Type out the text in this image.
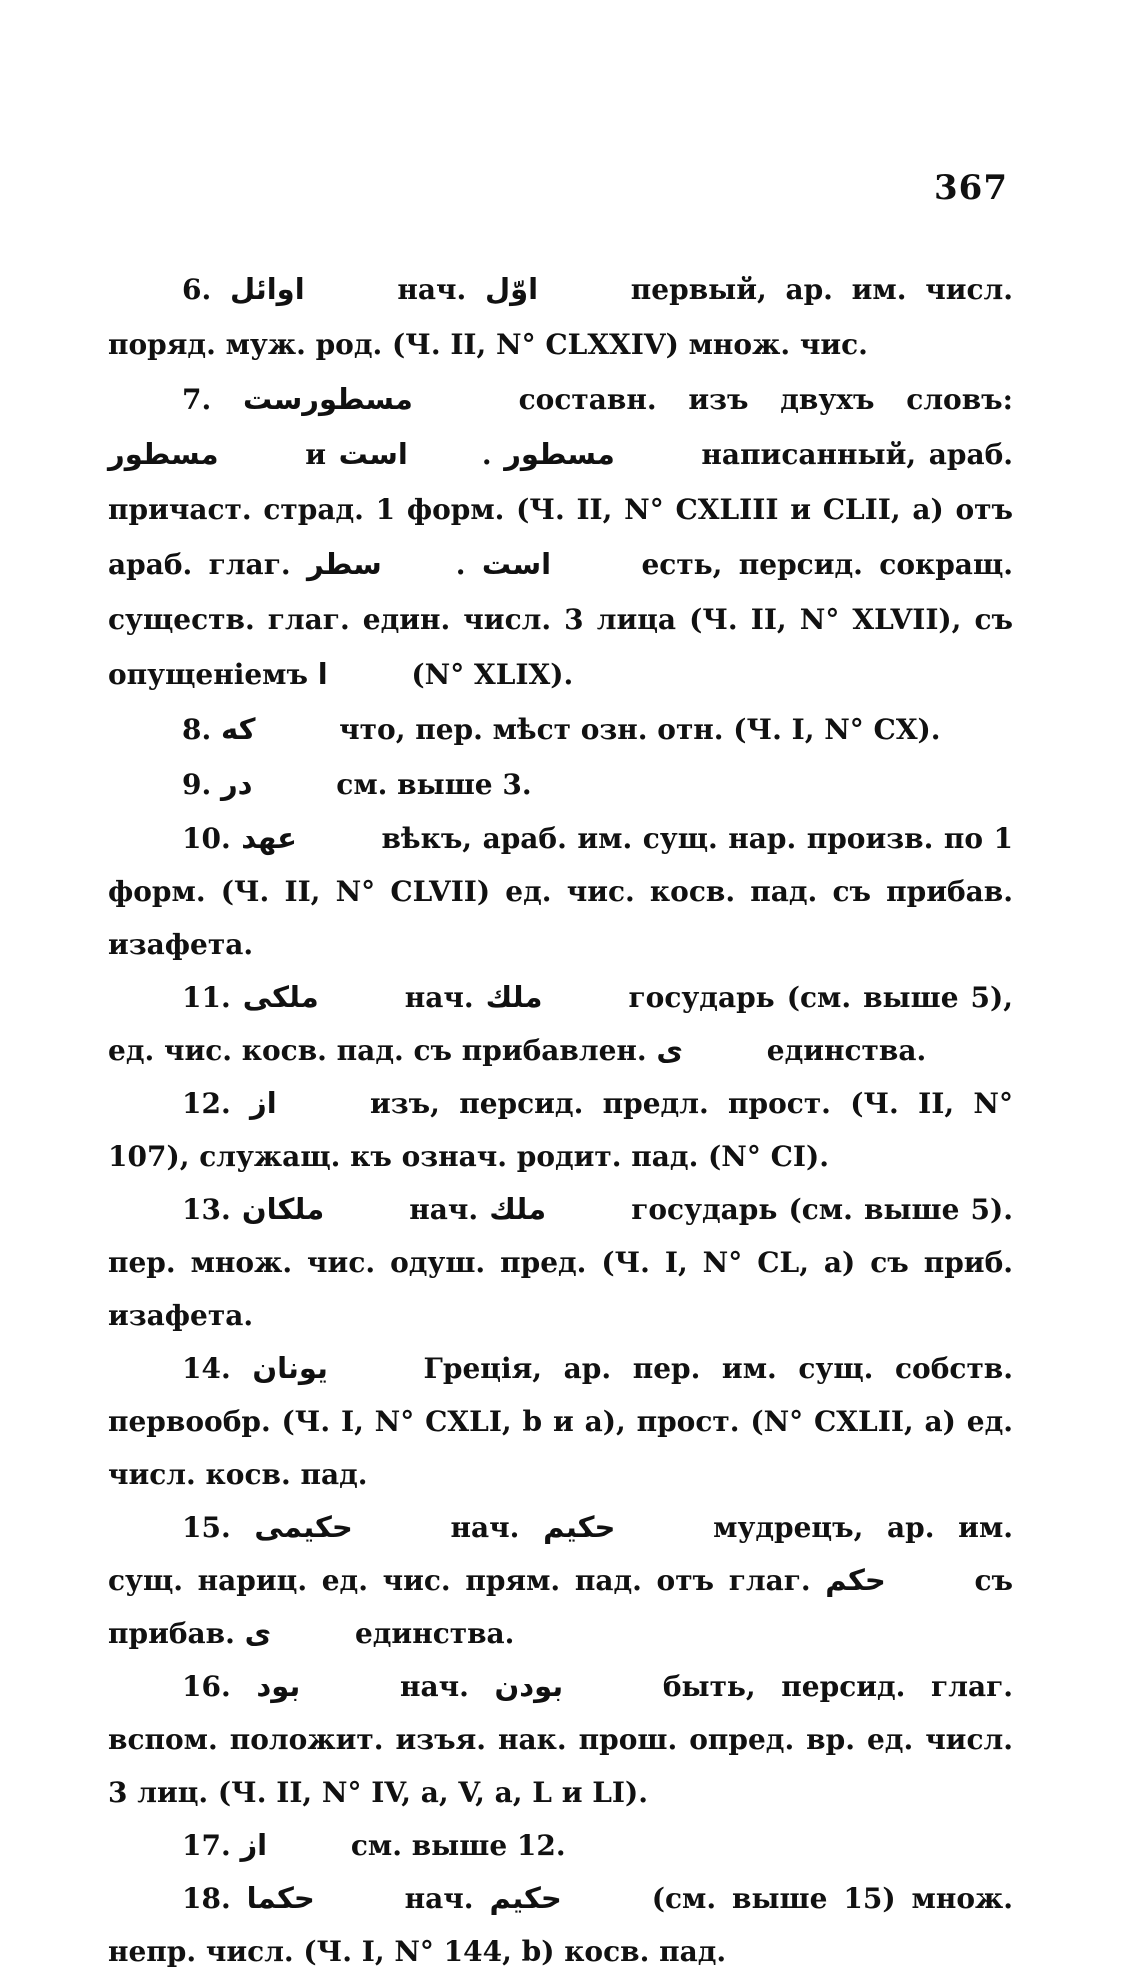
367

6. اوائل	нач. اوّل	первый, ар. им. числ. поряд. муж. род. (Ч. II, N° CLXXIV) множ. чис.

7. مسطورست	составн. изъ двухъ словъ: مسطور	и است	. مسطور	написанный, араб. причаст. страд. 1 форм. (Ч. II, N° CXLIII и CLII, a) отъ араб. глаг. سطر	. است	есть, персид. сокращ. существ. глаг. един. числ. 3 лица (Ч. II, N° XLVII), съ опущеніемъ ا	(N° XLIX).

8. كه	что, пер. мѣст озн. отн. (Ч. I, N° CX).

9. در	см. выше 3.

10. عهد	вѣкъ, араб. им. сущ. нар. произв. по 1 форм. (Ч. II, N° CLVII) ед. чис. косв. пад. съ прибав. изафета.

11. ملكى	нач. ملك	государь (см. выше 5), ед. чис. косв. пад. съ прибавлен. ى	единства.

12. از	изъ, персид. предл. прост. (Ч. II, N° 107), служащ. къ означ. родит. пад. (N° CI).

13. ملكان	нач. ملك	государь (см. выше 5). пер. множ. чис. одуш. пред. (Ч. I, N° CL, a) съ приб. изафета.

14. يونان	Греція, ар. пер. им. сущ. собств. первообр. (Ч. I, N° CXLI, b и a), прост. (N° CXLII, a) ед. числ. косв. пад.

15. حكيمى	нач. حكيم	мудрецъ, ар. им. сущ. нариц. ед. чис. прям. пад. отъ глаг. حكم	съ прибав. ى	единства.

16. بود	нач. بودن	быть, персид. глаг. вспом. положит. изъя. нак. прош. опред. вр. ед. числ. 3 лиц. (Ч. II, N° IV, a, V, a, L и LI).

17. از	см. выше 12.

18. حكما	нач. حكيم	(см. выше 15) множ. непр. числ. (Ч. I, N° 144, b) косв. пад.
